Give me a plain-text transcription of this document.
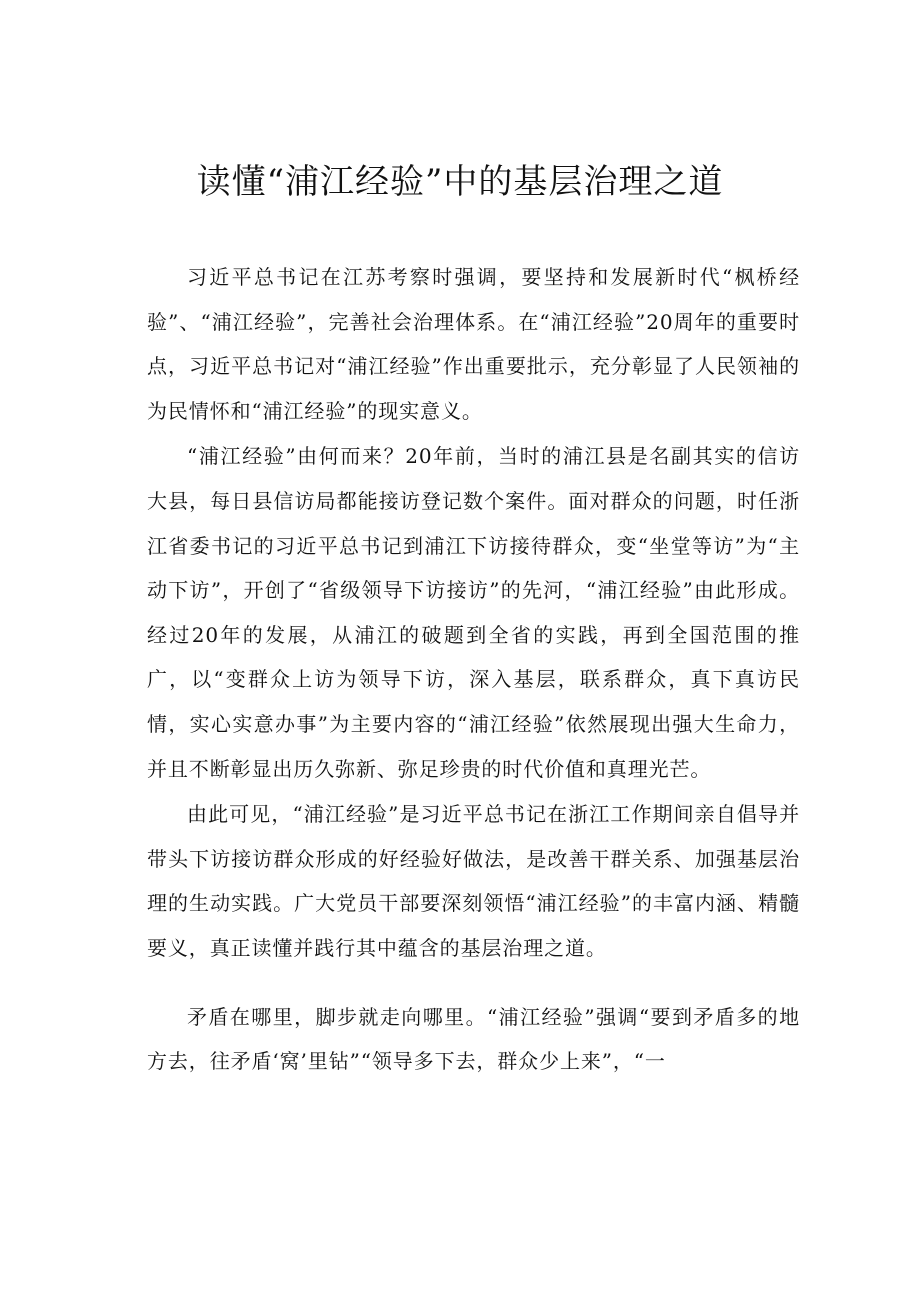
读懂“浦江经验”中的基层治理之道

习近平总书记在江苏考察时强调，要坚持和发展新时代“枫桥经验”、“浦江经验”，完善社会治理体系。在“浦江经验”20周年的重要时点，习近平总书记对“浦江经验”作出重要批示，充分彰显了人民领袖的为民情怀和“浦江经验”的现实意义。

“浦江经验”由何而来？20年前，当时的浦江县是名副其实的信访大县，每日县信访局都能接访登记数个案件。面对群众的问题，时任浙江省委书记的习近平总书记到浦江下访接待群众，变“坐堂等访”为“主动下访”，开创了“省级领导下访接访”的先河，“浦江经验”由此形成。经过20年的发展，从浦江的破题到全省的实践，再到全国范围的推广，以“变群众上访为领导下访，深入基层，联系群众，真下真访民情，实心实意办事”为主要内容的“浦江经验”依然展现出强大生命力，并且不断彰显出历久弥新、弥足珍贵的时代价值和真理光芒。

由此可见，“浦江经验”是习近平总书记在浙江工作期间亲自倡导并带头下访接访群众形成的好经验好做法，是改善干群关系、加强基层治理的生动实践。广大党员干部要深刻领悟“浦江经验”的丰富内涵、精髓要义，真正读懂并践行其中蕴含的基层治理之道。

矛盾在哪里，脚步就走向哪里。“浦江经验”强调“要到矛盾多的地方去，往矛盾‘窝’里钻”“领导多下去，群众少上来”，“一
